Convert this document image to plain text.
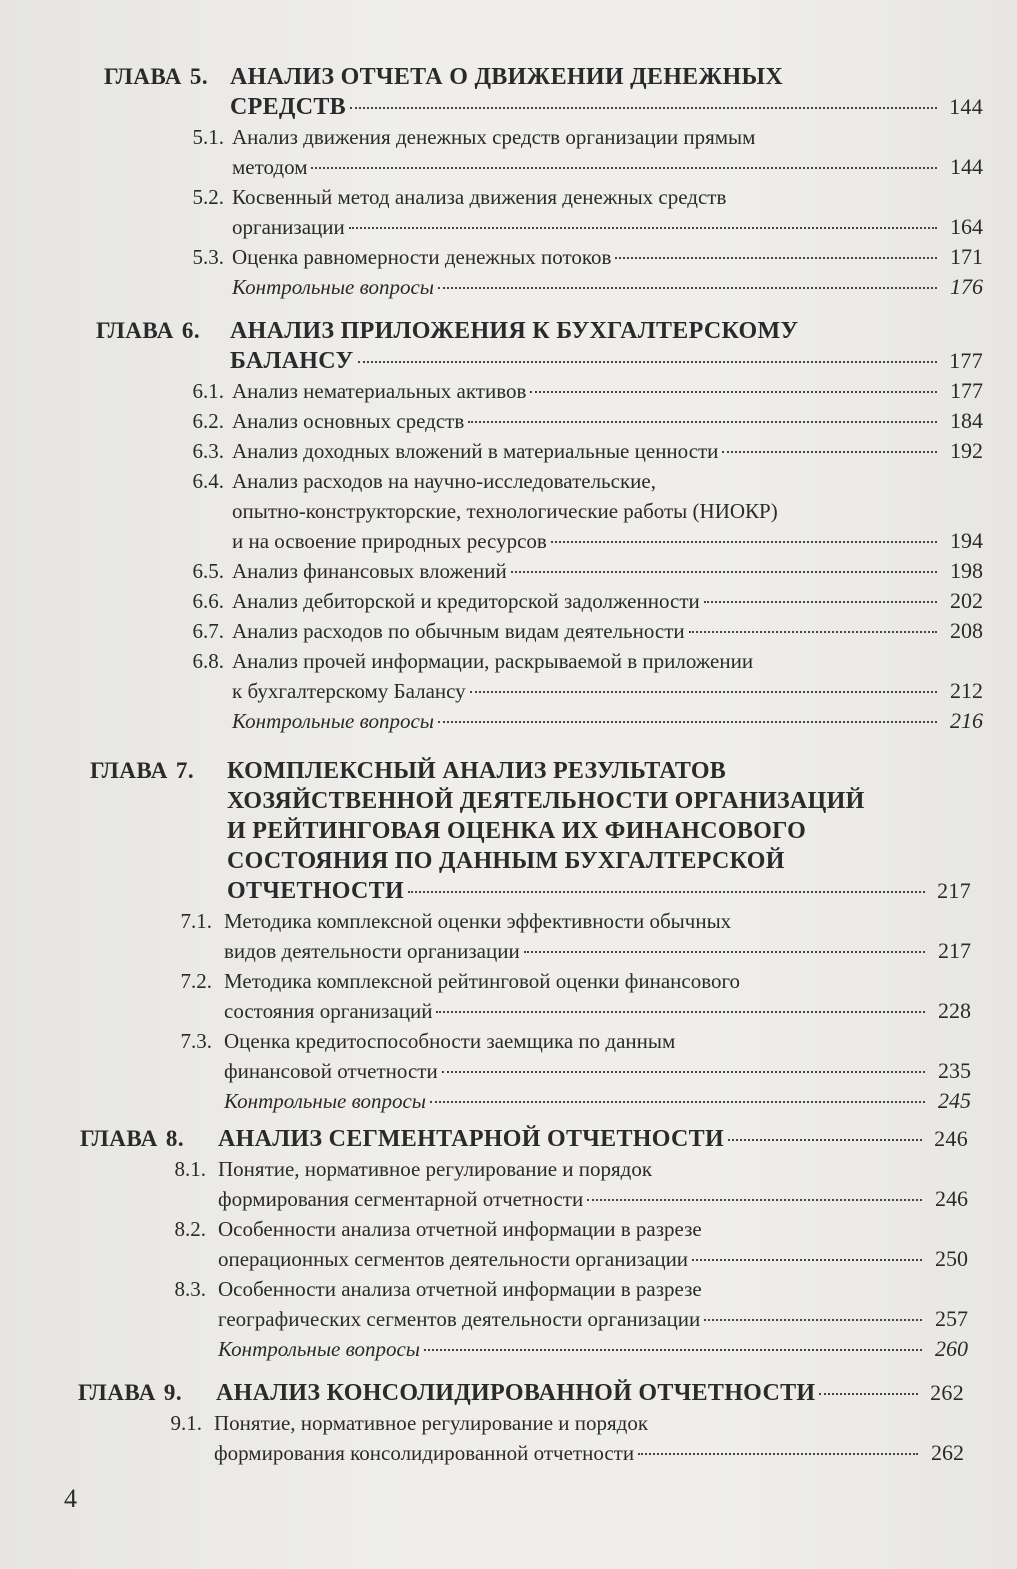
ГЛАВА 5. АНАЛИЗ ОТЧЕТА О ДВИЖЕНИИ ДЕНЕЖНЫХ
СРЕДСТВ	144
5.1. Анализ движения денежных средств организации прямым
методом	144
5.2. Косвенный метод анализа движения денежных средств
организации	164
5.3. Оценка равномерности денежных потоков	171
Контрольные вопросы	176
ГЛАВА 6. АНАЛИЗ ПРИЛОЖЕНИЯ К БУХГАЛТЕРСКОМУ
БАЛАНСУ	177
6.1. Анализ нематериальных активов	177
6.2. Анализ основных средств	184
6.3. Анализ доходных вложений в материальные ценности	192
6.4. Анализ расходов на научно-исследовательские,
опытно-конструкторские, технологические работы (НИОКР)
и на освоение природных ресурсов	194
6.5. Анализ финансовых вложений	198
6.6. Анализ дебиторской и кредиторской задолженности	202
6.7. Анализ расходов по обычным видам деятельности	208
6.8. Анализ прочей информации, раскрываемой в приложении
к бухгалтерскому Балансу	212
Контрольные вопросы	216
ГЛАВА 7. КОМПЛЕКСНЫЙ АНАЛИЗ РЕЗУЛЬТАТОВ
ХОЗЯЙСТВЕННОЙ ДЕЯТЕЛЬНОСТИ ОРГАНИЗАЦИЙ
И РЕЙТИНГОВАЯ ОЦЕНКА ИХ ФИНАНСОВОГО
СОСТОЯНИЯ ПО ДАННЫМ БУХГАЛТЕРСКОЙ
ОТЧЕТНОСТИ	217
7.1. Методика комплексной оценки эффективности обычных
видов деятельности организации	217
7.2. Методика комплексной рейтинговой оценки финансового
состояния организаций	228
7.3. Оценка кредитоспособности заемщика по данным
финансовой отчетности	235
Контрольные вопросы	245
ГЛАВА 8. АНАЛИЗ СЕГМЕНТАРНОЙ ОТЧЕТНОСТИ	246
8.1. Понятие, нормативное регулирование и порядок
формирования сегментарной отчетности	246
8.2. Особенности анализа отчетной информации в разрезе
операционных сегментов деятельности организации	250
8.3. Особенности анализа отчетной информации в разрезе
географических сегментов деятельности организации	257
Контрольные вопросы	260
ГЛАВА 9. АНАЛИЗ КОНСОЛИДИРОВАННОЙ ОТЧЕТНОСТИ	262
9.1. Понятие, нормативное регулирование и порядок
формирования консолидированной отчетности	262
4
